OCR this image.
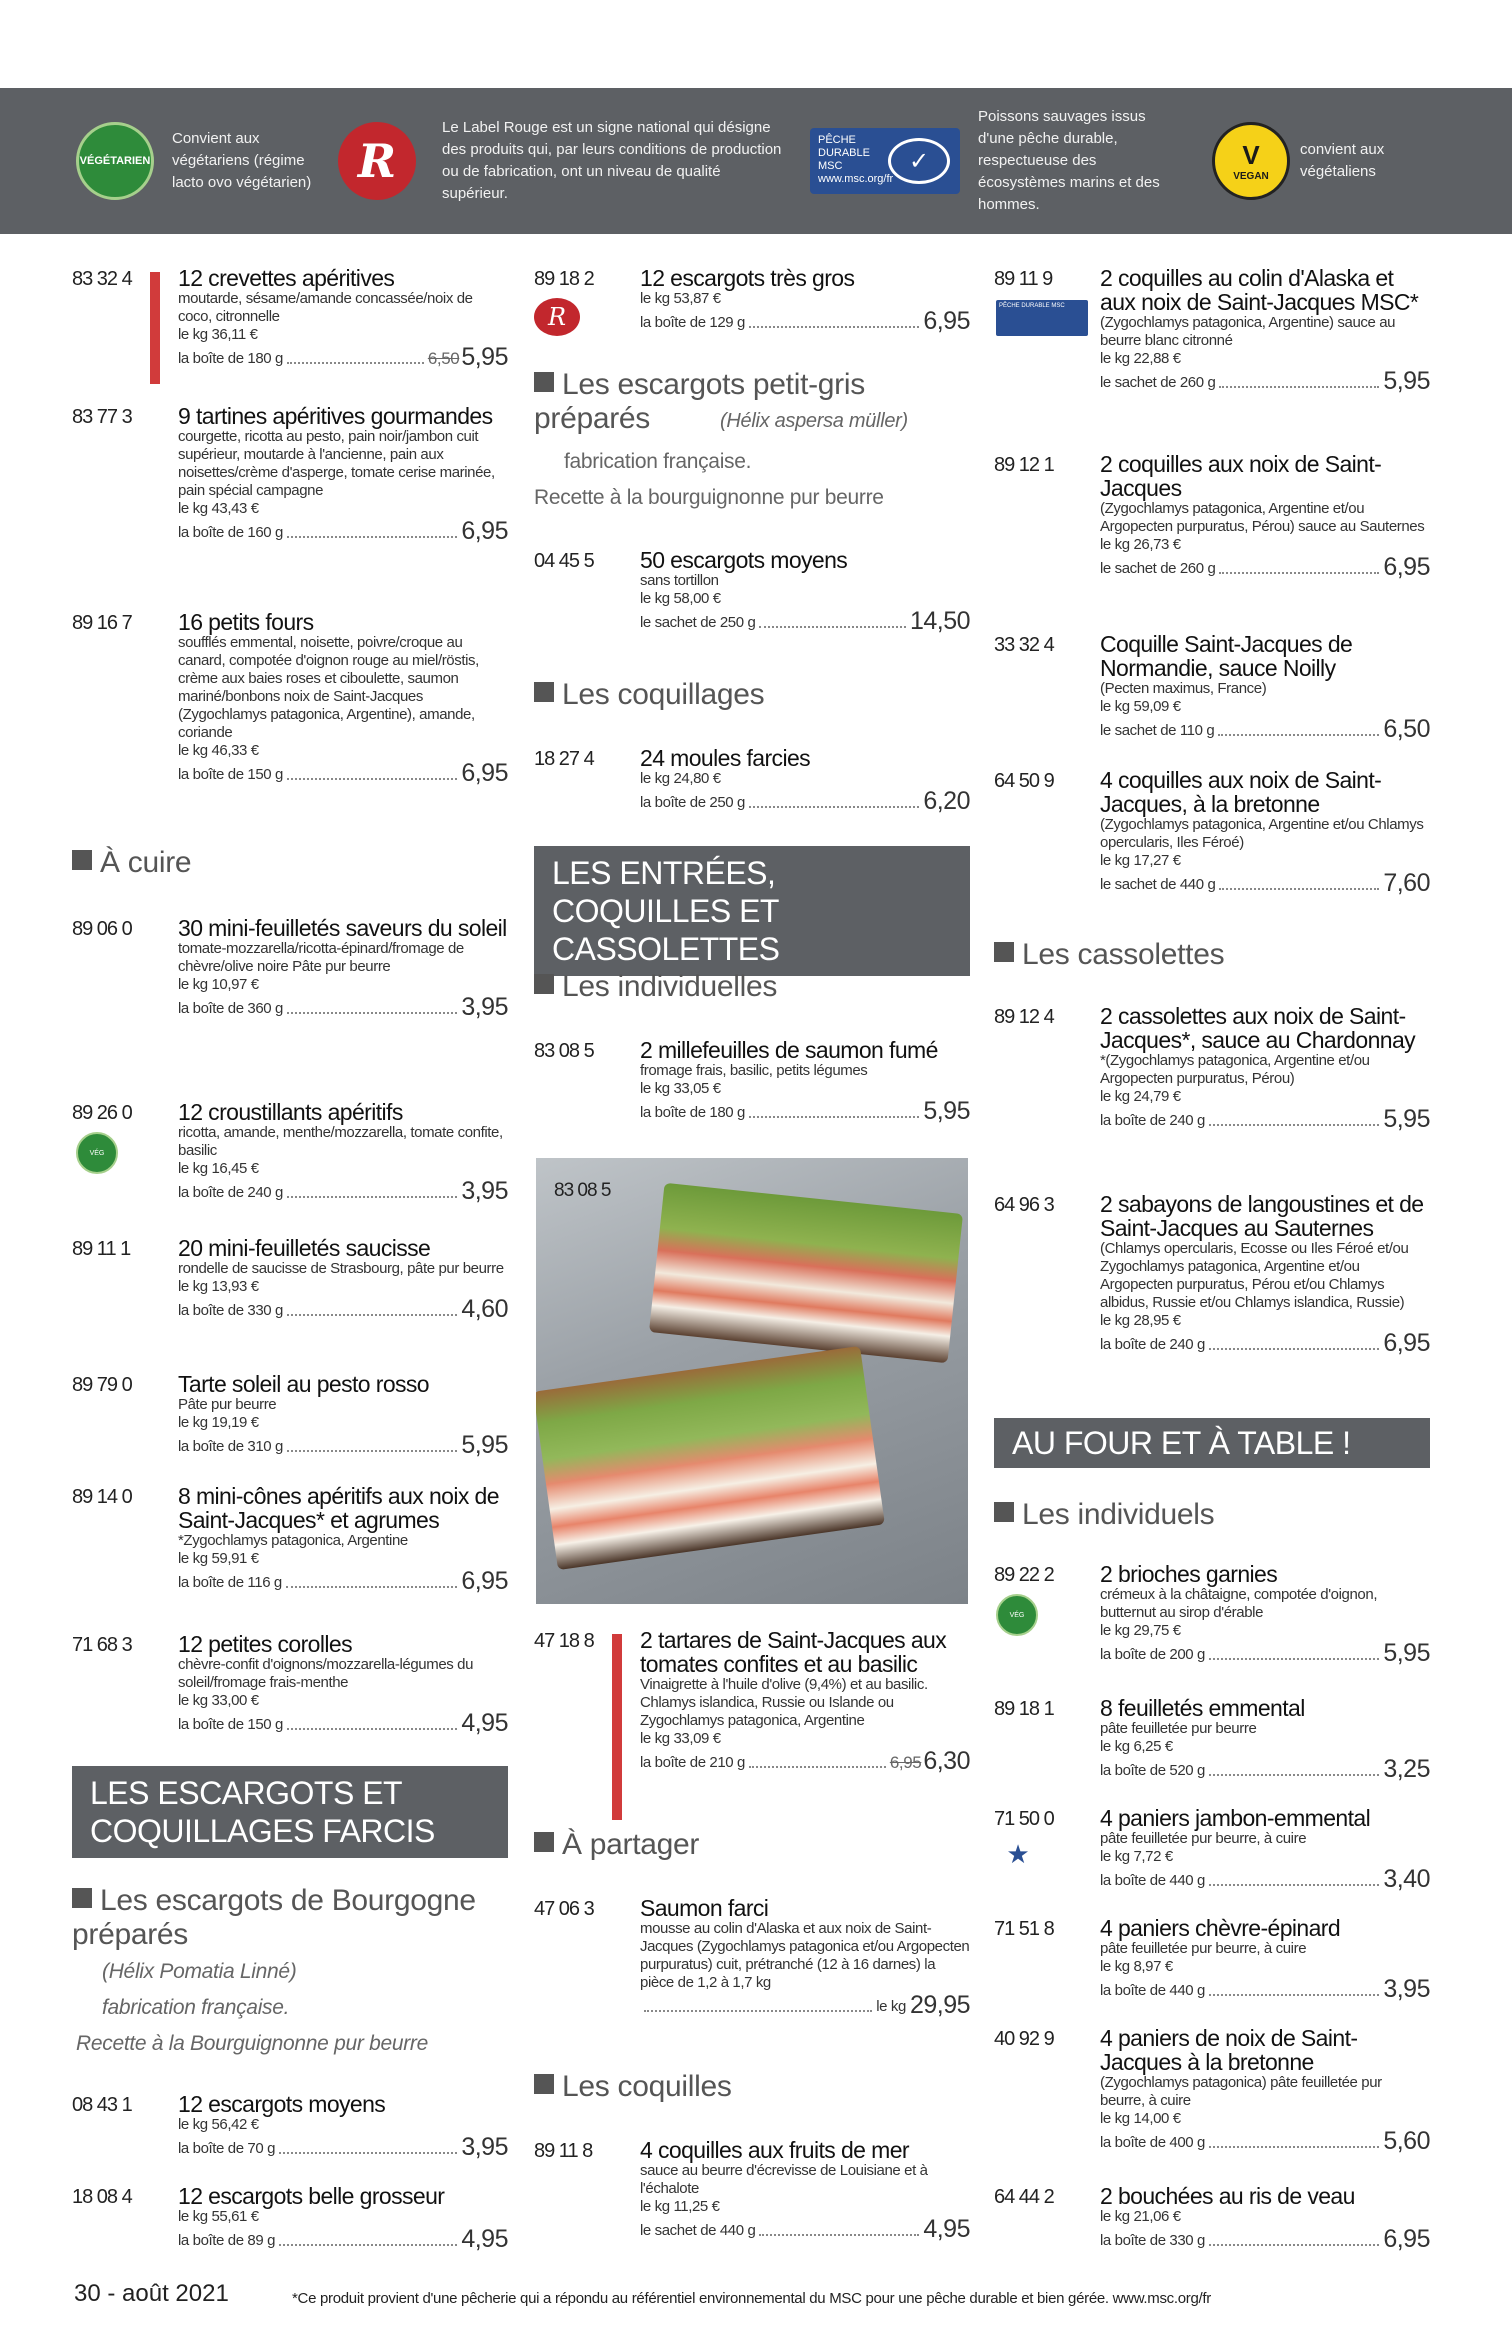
VÉGÉTARIEN
Convient aux végétariens (régime lacto ovo végétarien)	R
Le Label Rouge est un signe national qui désigne des produits qui, par leurs conditions de production ou de fabrication, ont un niveau de qualité supérieur.
PÊCHE DURABLE MSC www.msc.org/fr
✓
Poissons sauvages issus d'une pêche durable, respectueuse des écosystèmes marins et des hommes.
V
VEGAN
convient aux végétaliens
83 32 4 12 crevettes apéritives
moutarde, sésame/amande concassée/noix de coco, citronnelle
le kg 36,11 €
la boîte de 180 g	6,50 5,95
83 77 3 9 tartines apéritives gourmandes
courgette, ricotta au pesto, pain noir/jambon cuit supérieur, moutarde à l'ancienne, pain aux noisettes/crème d'asperge, tomate cerise marinée, pain spécial campagne
le kg 43,43 €
la boîte de 160 g	6,95
89 16 7 16 petits fours
soufflés emmental, noisette, poivre/croque au canard, compotée d'oignon rouge au miel/röstis, crème aux baies roses et ciboulette, saumon mariné/bonbons noix de Saint-Jacques (Zygochlamys patagonica, Argentine), amande, coriande
le kg 46,33 €
la boîte de 150 g	6,95
À cuire
89 06 0 30 mini-feuilletés saveurs du soleil
tomate-mozzarella/ricotta-épinard/fromage de chèvre/olive noire Pâte pur beurre
le kg 10,97 €
la boîte de 360 g	3,95
89 26 0
VÉG
12 croustillants apéritifs
ricotta, amande, menthe/mozzarella, tomate confite, basilic
le kg 16,45 €
la boîte de 240 g	3,95
89 11 1 20 mini-feuilletés saucisse
rondelle de saucisse de Strasbourg, pâte pur beurre
le kg 13,93 €
la boîte de 330 g	4,60
89 79 0 Tarte soleil au pesto rosso
Pâte pur beurre
le kg 19,19 €
la boîte de 310 g	5,95
89 14 0 8 mini-cônes apéritifs aux noix de Saint-Jacques* et agrumes
*Zygochlamys patagonica, Argentine
le kg 59,91 €
la boîte de 116 g	6,95
71 68 3 12 petites corolles
chèvre-confit d'oignons/mozzarella-légumes du soleil/fromage frais-menthe
le kg 33,00 €
la boîte de 150 g	4,95
LES ESCARGOTS ET COQUILLAGES FARCIS
Les escargots de Bourgogne préparés
(Hélix Pomatia Linné)
fabrication française.
Recette à la Bourguignonne pur beurre
08 43 1 12 escargots moyens
le kg 56,42 €
la boîte de 70 g	3,95
18 08 4 12 escargots belle grosseur
le kg 55,61 €
la boîte de 89 g	4,95
89 18 2
R
12 escargots très gros
le kg 53,87 €
la boîte de 129 g	6,95
Les escargots petit-gris préparés	(Hélix aspersa müller)
fabrication française.
Recette à la bourguignonne pur beurre
04 45 5 50 escargots moyens
sans tortillon
le kg 58,00 €
le sachet de 250 g	14,50
Les coquillages
18 27 4 24 moules farcies
le kg 24,80 €
la boîte de 250 g	6,20
LES ENTRÉES, COQUILLES ET CASSOLETTES
Les individuelles
83 08 5 2 millefeuilles de saumon fumé
fromage frais, basilic, petits légumes
le kg 33,05 €
la boîte de 180 g	5,95
47 18 8 2 tartares de Saint-Jacques aux tomates confites et au basilic
Vinaigrette à l'huile d'olive (9,4%) et au basilic. Chlamys islandica, Russie ou Islande ou Zygochlamys patagonica, Argentine
le kg 33,09 €
la boîte de 210 g	6,95 6,30
À partager
47 06 3 Saumon farci
mousse au colin d'Alaska et aux noix de Saint-Jacques (Zygochlamys patagonica et/ou Argopecten purpuratus) cuit, prétranché (12 à 16 darnes) la pièce de 1,2 à 1,7 kg
le kg 29,95
Les coquilles
89 11 8 4 coquilles aux fruits de mer
sauce au beurre d'écrevisse de Louisiane et à l'échalote
le kg 11,25 €
le sachet de 440 g	4,95
83 08 5
89 11 9
PÊCHE DURABLE MSC
2 coquilles au colin d'Alaska et aux noix de Saint-Jacques MSC*
(Zygochlamys patagonica, Argentine) sauce au beurre blanc citronné
le kg 22,88 €
le sachet de 260 g	5,95
89 12 1 2 coquilles aux noix de Saint-Jacques
(Zygochlamys patagonica, Argentine et/ou Argopecten purpuratus, Pérou) sauce au Sauternes
le kg 26,73 €
le sachet de 260 g	6,95
33 32 4 Coquille Saint-Jacques de Normandie, sauce Noilly
(Pecten maximus, France)
le kg 59,09 €
le sachet de 110 g	6,50
64 50 9 4 coquilles aux noix de Saint-Jacques, à la bretonne
(Zygochlamys patagonica, Argentine et/ou Chlamys opercularis, Iles Féroé)
le kg 17,27 €
le sachet de 440 g	7,60
Les cassolettes
89 12 4 2 cassolettes aux noix de Saint-Jacques*, sauce au Chardonnay
*(Zygochlamys patagonica, Argentine et/ou Argopecten purpuratus, Pérou)
le kg 24,79 €
la boîte de 240 g	5,95
64 96 3 2 sabayons de langoustines et de Saint-Jacques au Sauternes
(Chlamys opercularis, Ecosse ou Iles Féroé et/ou Zygochlamys patagonica, Argentine et/ou Argopecten purpuratus, Pérou et/ou Chlamys albidus, Russie et/ou Chlamys islandica, Russie)
le kg 28,95 €
la boîte de 240 g	6,95
AU FOUR ET À TABLE !
Les individuels
89 22 2
VÉG
2 brioches garnies
crémeux à la châtaigne, compotée d'oignon, butternut au sirop d'érable
le kg 29,75 €
la boîte de 200 g	5,95
89 18 1 8 feuilletés emmental
pâte feuilletée pur beurre
le kg 6,25 €
la boîte de 520 g	3,25
71 50 0
★
4 paniers jambon-emmental
pâte feuilletée pur beurre, à cuire
le kg 7,72 €
la boîte de 440 g	3,40
71 51 8 4 paniers chèvre-épinard
pâte feuilletée pur beurre, à cuire
le kg 8,97 €
la boîte de 440 g	3,95
40 92 9 4 paniers de noix de Saint-Jacques à la bretonne
(Zygochlamys patagonica) pâte feuilletée pur beurre, à cuire
le kg 14,00 €
la boîte de 400 g	5,60
64 44 2 2 bouchées au ris de veau
le kg 21,06 €
la boîte de 330 g	6,95
30 - août 2021	*Ce produit provient d'une pêcherie qui a répondu au référentiel environnemental du MSC pour une pêche durable et bien gérée. www.msc.org/fr
